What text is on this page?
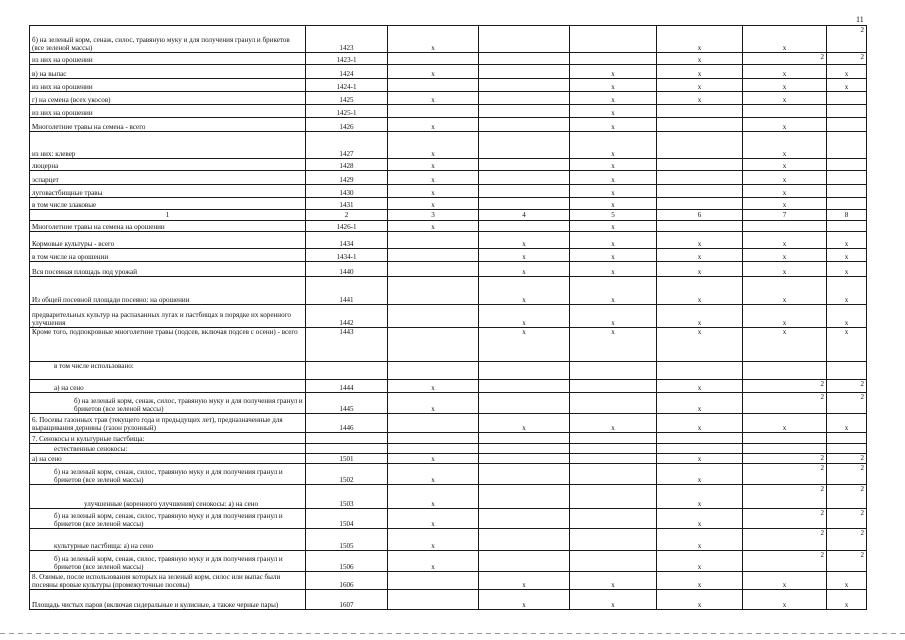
11
б) на зеленый корм, сенаж, силос, травяную муку и для получения гранул и брикетов (все зеленой массы)	1423	x			x	x	2
из них на орошении	1423-1				x	2	2
в) на выпас	1424	x		x	x	x	x
из них на орошении	1424-1			x	x	x	x
г) на семена (всех укосов)	1425	x		x	x	x	
из них на орошении	1425-1			x			
Многолетние травы на семена - всего	1426	x		x		x	
из них: клевер	1427	x		x		x	
люцерна	1428	x		x		x	
эспарцет	1429	x		x		x	
луговастбищные травы	1430	x		x		x	
в том числе злаковые	1431	x		x		x	
1	2	3	4	5	6	7	8
Многолетние травы на семена на орошении	1426-1	x		x			
Кормовые культуры - всего	1434		x	x	x	x	x
в том числе на орошении	1434-1		x	x	x	x	x
Вся посевная площадь под урожай	1440		x	x	x	x	x
Из общей посевной площади посеяно: на орошении	1441		x	x	x	x	x
предварительных культур на распаханных лугах и пастбищах в порядке их коренного улучшения	1442		x	x	x	x	x
Кроме того, подпокровные многолетние травы (подсев, включая подсев с осени) - всего	1443		x	x	x	x	x
в том числе использовано:							
а) на сено	1444	x			x	2	2
б) на зеленый корм, сенаж, силос, травяную муку и для получения гранул и брикетов (все зеленой массы)	1445	x			x	2	2
6. Посевы газонных трав (текущего года и предыдущих лет), предназначенные для выращивания дернины (газон рулонный)	1446		x	x	x	x	x
7. Сенокосы и культурные пастбища:							
естественные сенокосы:							
а) на сено	1501	x			x	2	2
б) на зеленый корм, сенаж, силос, травяную муку и для получения гранул и брикетов (все зеленой массы)	1502	x			x	2	2
улучшенные (коренного улучшения) сенокосы: а) на сено	1503	x			x	2	2
б) на зеленый корм, сенаж, силос, травяную муку и для получения гранул и брикетов (все зеленой массы)	1504	x			x	2	2
культурные пастбища: а) на сено	1505	x			x	2	2
б) на зеленый корм, сенаж, силос, травяную муку и для получения гранул и брикетов (все зеленой массы)	1506	x			x	2	2
8. Озимые, после использования которых на зеленый корм, силос или выпас были посеяны яровые культуры (промежуточные посевы)	1606		x	x	x	x	x
Площадь чистых паров (включая сидеральные и кулисные, а также черные пары)	1607		x	x	x	x	x
